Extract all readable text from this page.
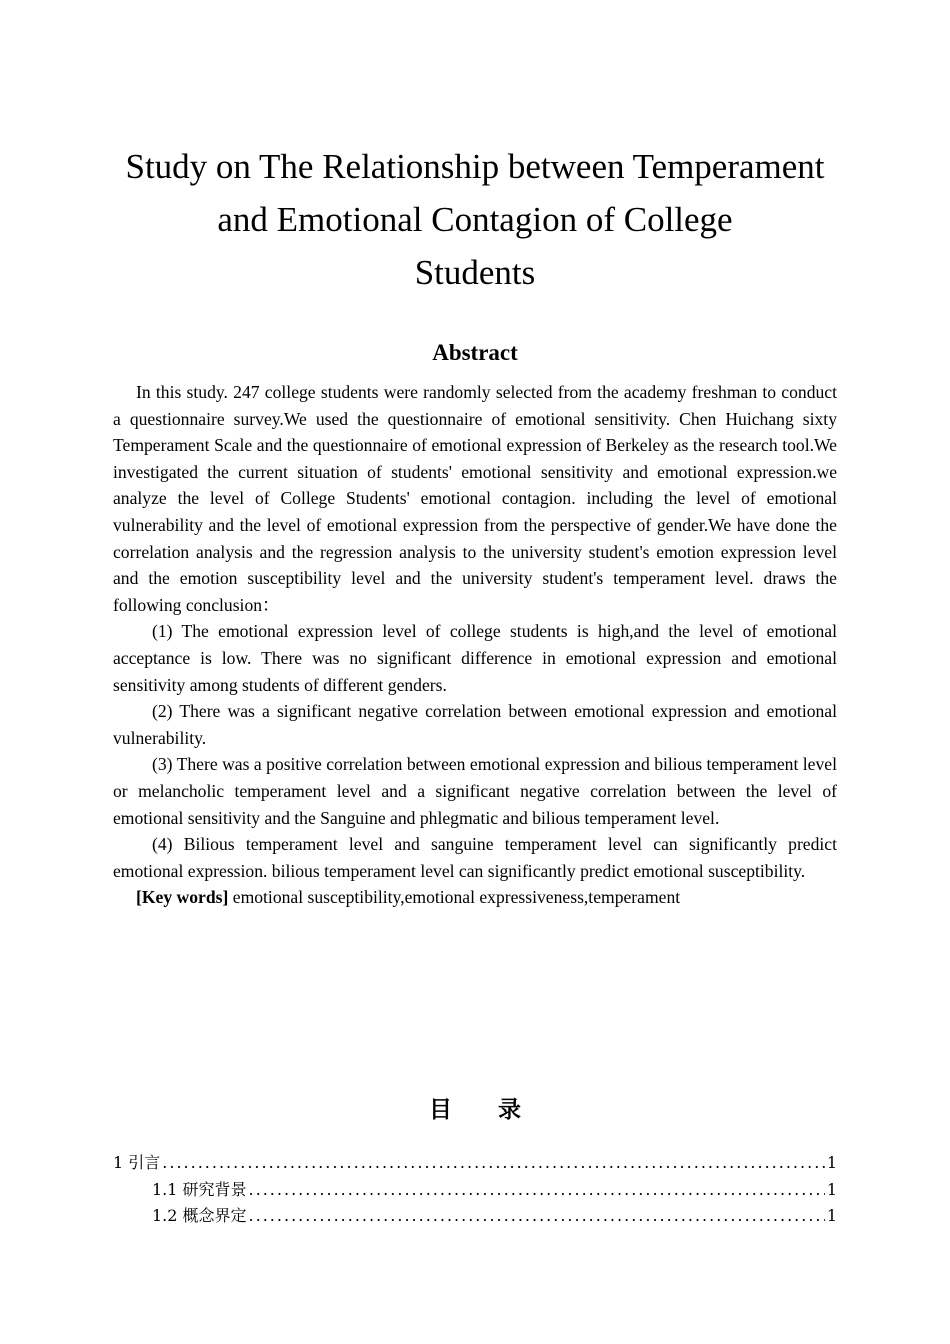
Study on The Relationship between Temperament
and Emotional Contagion of College
Students
Abstract

In this study. 247 college students were randomly selected from the academy freshman to conduct a questionnaire survey.We used the questionnaire of emotional sensitivity. Chen Huichang sixty Temperament Scale and the questionnaire of emotional expression of Berkeley as the research tool.We investigated the current situation of students' emotional sensitivity and emotional expression.we analyze the level of College Students' emotional contagion. including the level of emotional vulnerability and the level of emotional expression from the perspective of gender.We have done the correlation analysis and the regression analysis to the university student's emotion expression level and the emotion susceptibility level and the university student's temperament level. draws the following conclusion：

(1) The emotional expression level of college students is high,and the level of emotional acceptance is low. There was no significant difference in emotional expression and emotional sensitivity among students of different genders.

(2) There was a significant negative correlation between emotional expression and emotional vulnerability.

(3) There was a positive correlation between emotional expression and bilious temperament level or melancholic temperament level and a significant negative correlation between the level of emotional sensitivity and the Sanguine and phlegmatic and bilious temperament level.

(4) Bilious temperament level and sanguine temperament level can significantly predict emotional expression. bilious temperament level can significantly predict emotional susceptibility.

[Key words] emotional susceptibility,emotional expressiveness,temperament

目 录
1 引言 .....	1
1.1 研究背景 .....	1
1.2 概念界定 .....	1
